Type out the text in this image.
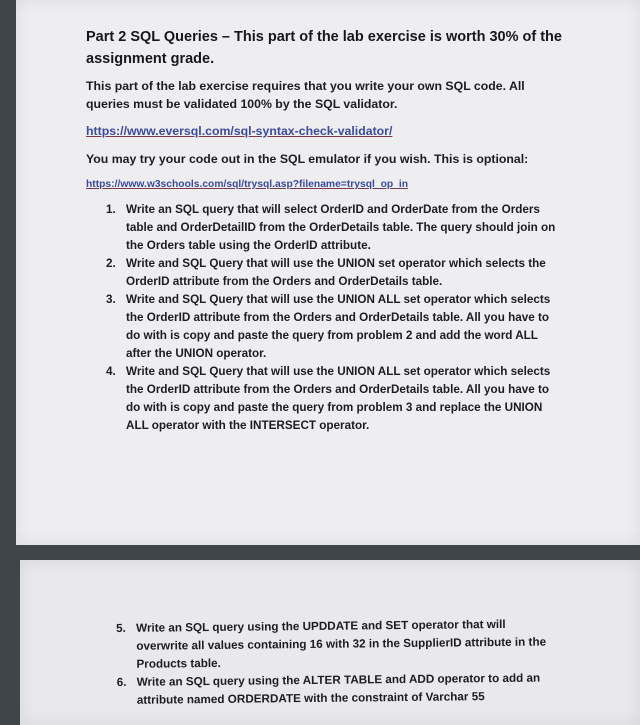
Part 2 SQL Queries – This part of the lab exercise is worth 30% of the assignment grade.
This part of the lab exercise requires that you write your own SQL code. All queries must be validated 100% by the SQL validator.
https://www.eversql.com/sql-syntax-check-validator/
You may try your code out in the SQL emulator if you wish. This is optional:
https://www.w3schools.com/sql/trysql.asp?filename=trysql_op_in
1. Write an SQL query that will select OrderID and OrderDate from the Orders table and OrderDetailID from the OrderDetails table. The query should join on the Orders table using the OrderID attribute.
2. Write and SQL Query that will use the UNION set operator which selects the OrderID attribute from the Orders and OrderDetails table.
3. Write and SQL Query that will use the UNION ALL set operator which selects the OrderID attribute from the Orders and OrderDetails table. All you have to do with is copy and paste the query from problem 2 and add the word ALL after the UNION operator.
4. Write and SQL Query that will use the UNION ALL set operator which selects the OrderID attribute from the Orders and OrderDetails table. All you have to do with is copy and paste the query from problem 3 and replace the UNION ALL operator with the INTERSECT operator.
5. Write an SQL query using the UPDDATE and SET operator that will overwrite all values containing 16 with 32 in the SupplierID attribute in the Products table.
6. Write an SQL query using the ALTER TABLE and ADD operator to add an attribute named ORDERDATE with the constraint of Varchar 55
